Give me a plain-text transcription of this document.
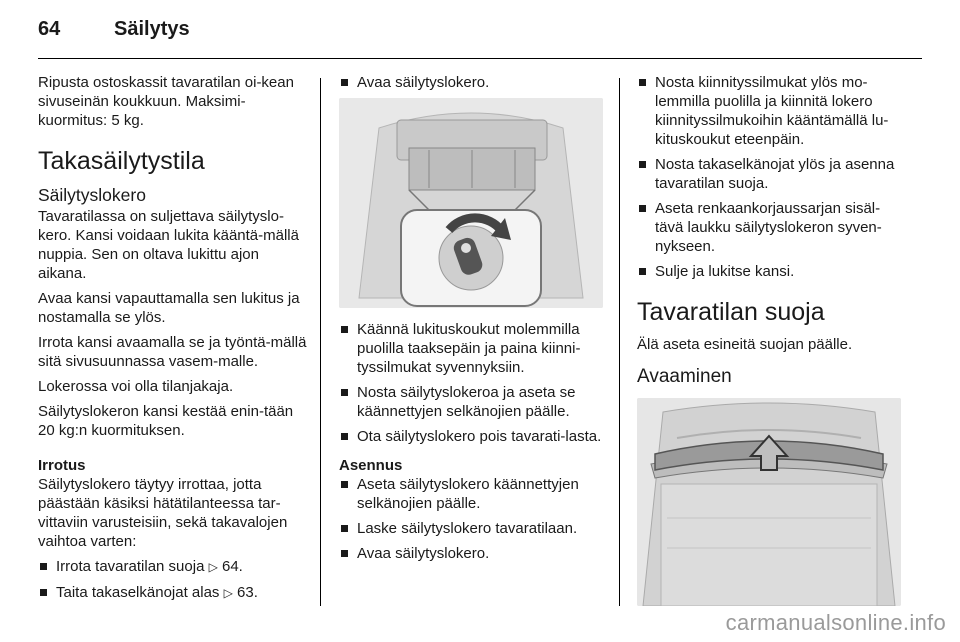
64	Säilytys

Ripusta ostoskassit tavaratilan oi-kean sivuseinän koukkuun. Maksimi-kuormitus: 5 kg.

Takasäilytystila
Säilytyslokero

Tavaratilassa on suljettava säilytyslo-kero. Kansi voidaan lukita kääntä-mällä nuppia. Sen on oltava lukittu ajon aikana.

Avaa kansi vapauttamalla sen lukitus ja nostamalla se ylös.

Irrota kansi avaamalla se ja työntä-mällä sitä sivusuunnassa vasem-malle.

Lokerossa voi olla tilanjakaja.

Säilytyslokeron kansi kestää enin-tään 20 kg:n kuormituksen.

Irrotus

Säilytyslokero täytyy irrottaa, jotta päästään käsiksi hätätilanteessa tar-vittaviin varusteisiin, sekä takavalojen vaihtoa varten:

Irrota tavaratilan suoja ▷ 64.
Taita takaselkänojat alas ▷ 63.
Avaa säilytyslokero.
Käännä lukituskoukut molemmilla puolilla taaksepäin ja paina kiinni-tyssilmukat syvennyksiin.
Nosta säilytyslokeroa ja aseta se käännettyjen selkänojien päälle.
Ota säilytyslokero pois tavarati-lasta.
Asennus
Aseta säilytyslokero käännettyjen selkänojien päälle.
Laske säilytyslokero tavaratilaan.
Avaa säilytyslokero.
Nosta kiinnityssilmukat ylös mo-lemmilla puolilla ja kiinnitä lokero kiinnityssilmukoihin kääntämällä lu-kituskoukut eteenpäin.
Nosta takaselkänojat ylös ja asenna tavaratilan suoja.
Aseta renkaankorjaussarjan sisäl-tävä laukku säilytyslokeron syven-nykseen.
Sulje ja lukitse kansi.
Tavaratilan suoja

Älä aseta esineitä suojan päälle.

Avaaminen
carmanualsonline.info
